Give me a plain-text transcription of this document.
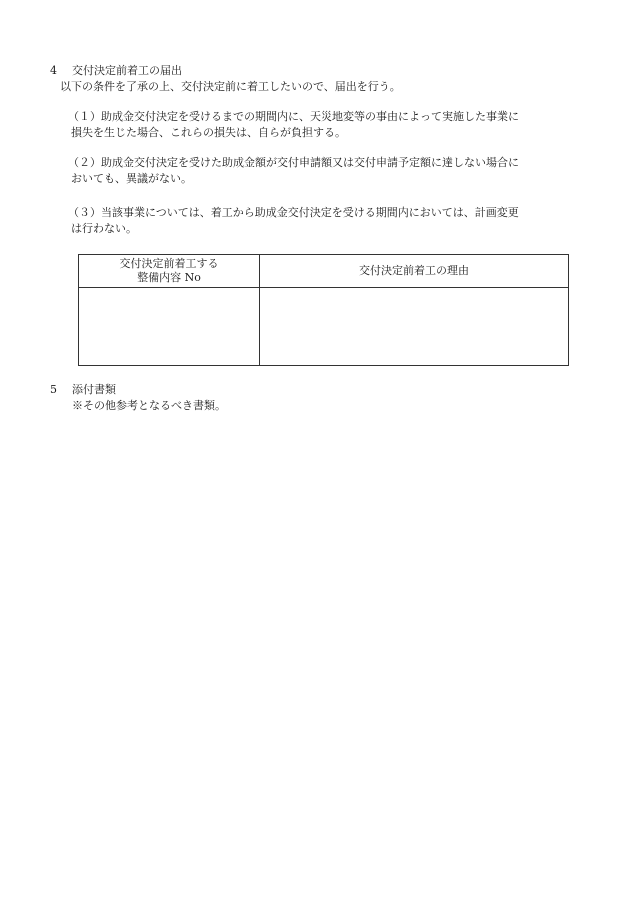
4 交付決定前着工の届出
以下の条件を了承の上、交付決定前に着工したいので、届出を行う。
（１）助成金交付決定を受けるまでの期間内に、天災地変等の事由によって実施した事業に
損失を生じた場合、これらの損失は、自らが負担する。
（２）助成金交付決定を受けた助成金額が交付申請額又は交付申請予定額に達しない場合に
おいても、異議がない。
（３）当該事業については、着工から助成金交付決定を受ける期間内においては、計画変更
は行わない。
交付決定前着工する
整備内容 No	交付決定前着工の理由

5 添付書類
※その他参考となるべき書類。
